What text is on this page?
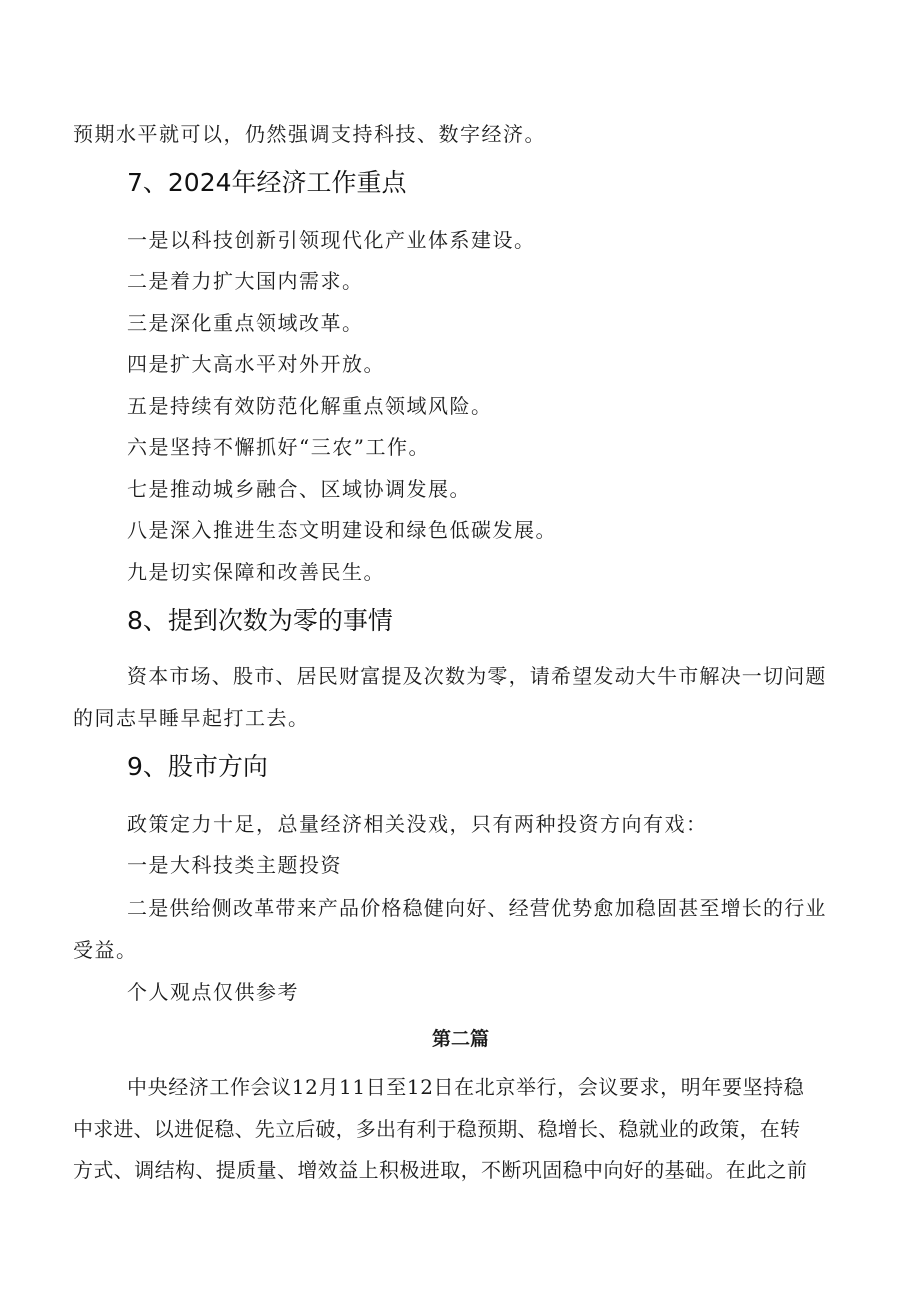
预期水平就可以，仍然强调支持科技、数字经济。
7、2024年经济工作重点
一是以科技创新引领现代化产业体系建设。
二是着力扩大国内需求。
三是深化重点领域改革。
四是扩大高水平对外开放。
五是持续有效防范化解重点领域风险。
六是坚持不懈抓好“三农”工作。
七是推动城乡融合、区域协调发展。
八是深入推进生态文明建设和绿色低碳发展。
九是切实保障和改善民生。
8、提到次数为零的事情
资本市场、股市、居民财富提及次数为零，请希望发动大牛市解决一切问题
的同志早睡早起打工去。
9、股市方向
政策定力十足，总量经济相关没戏，只有两种投资方向有戏：
一是大科技类主题投资
二是供给侧改革带来产品价格稳健向好、经营优势愈加稳固甚至增长的行业
受益。
个人观点仅供参考
第二篇
中央经济工作会议12月11日至12日在北京举行，会议要求，明年要坚持稳
中求进、以进促稳、先立后破，多出有利于稳预期、稳增长、稳就业的政策，在转
方式、调结构、提质量、增效益上积极进取，不断巩固稳中向好的基础。在此之前
